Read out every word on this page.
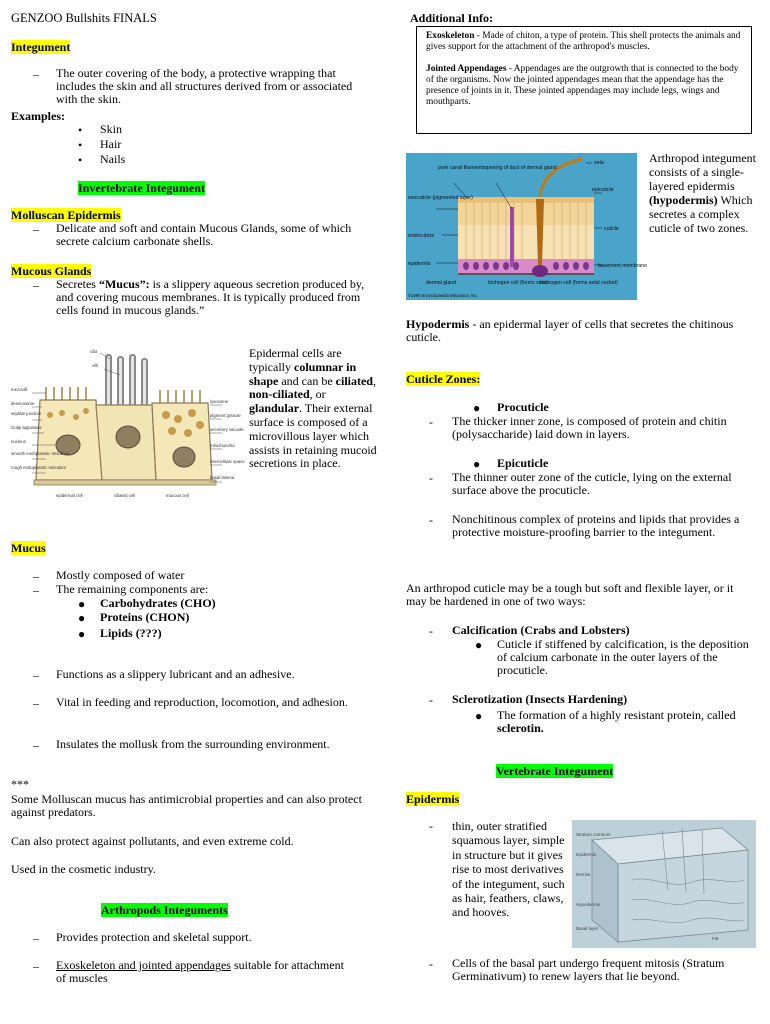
GENZOO Bullshits FINALS
Integument
– The outer covering of the body, a protective wrapping that includes the skin and all structures derived from or associated with the skin.
Examples:
• Skin
• Hair
• Nails
Invertebrate Integument
Molluscan Epidermis
– Delicate and soft and contain Mucous Glands, some of which secrete calcium carbonate shells.
Mucous Glands
– Secretes “Mucus”: is a slippery aqueous secretion produced by, and covering mucous membranes. It is typically produced from cells found in mucous glands.”
cilia
villi
microvilli
desmosome
septate junction
Golgi apparatus
nucleus
smooth endoplasmic reticulum
rough endoplasmic reticulum
epidermal cell	ciliated cell	mucous cell
lysosome
pigment granule
secretory vacuole
mitochondria
intercellular space
basal lamina
Epidermal cells are typically columnar in shape and can be ciliated, non-ciliated, or glandular. Their external surface is composed of a microvillous layer which assists in retaining mucoid secretions in place.
Mucus
– Mostly composed of water
– The remaining components are:
● Carbohydrates (CHO)
● Proteins (CHON)
● Lipids (???)
– Functions as a slippery lubricant and an adhesive.
– Vital in feeding and reproduction, locomotion, and adhesion.
– Insulates the mollusk from the surrounding environment.
***
Some Molluscan mucus has antimicrobial properties and can also protect against predators.
Can also protect against pollutants, and even extreme cold.
Used in the cosmetic industry.
Arthropods Integuments
– Provides protection and skeletal support.
– Exoskeleton and jointed appendages suitable for attachment of muscles
Additional Info:

Exoskeleton - Made of chiton, a type of protein. This shell protects the animals and gives support for the attachment of the arthropod's muscles.

Jointed Appendages - Appendages are the outgrowth that is connected to the body of the organisms. Now the jointed appendages mean that the appendage has the presence of joints in it. These jointed appendages may include legs, wings and mouthparts.

seta
pore canal filaments opening of duct of dermal gland
exocuticle (pigmented layer)
epicuticle
endocuticle
cuticle
epidermis	basement membrane
dermal gland	trichogen cell (forms seta)
tormogen cell (forms setal socket)
©1996 Encyclopaedia Britannica, Inc.
Arthropod integument consists of a single-layered epidermis (hypodermis) Which secretes a complex cuticle of two zones.
Hypodermis - an epidermal layer of cells that secretes the chitinous cuticle.
Cuticle Zones:
● Procuticle
- The thicker inner zone, is composed of protein and chitin (polysaccharide) laid down in layers.
● Epicuticle
- The thinner outer zone of the cuticle, lying on the external surface above the procuticle.
- Nonchitinous complex of proteins and lipids that provides a protective moisture-proofing barrier to the integument.
An arthropod cuticle may be a tough but soft and flexible layer, or it may be hardened in one of two ways:
- Calcification (Crabs and Lobsters)
● Cuticle if stiffened by calcification, is the deposition of calcium carbonate in the outer layers of the procuticle.
- Sclerotization (Insects Hardening)
● The formation of a highly resistant protein, called sclerotin.
Vertebrate Integument
Epidermis
- thin, outer stratified squamous layer, simple in structure but it gives rise to most derivatives of the integument, such as hair, feathers, claws, and hooves.
Stratum corneum
Epidermis
Dermis
Hypodermis
Basal layer
Fat
- Cells of the basal part undergo frequent mitosis (Stratum Germinativum) to renew layers that lie beyond.
